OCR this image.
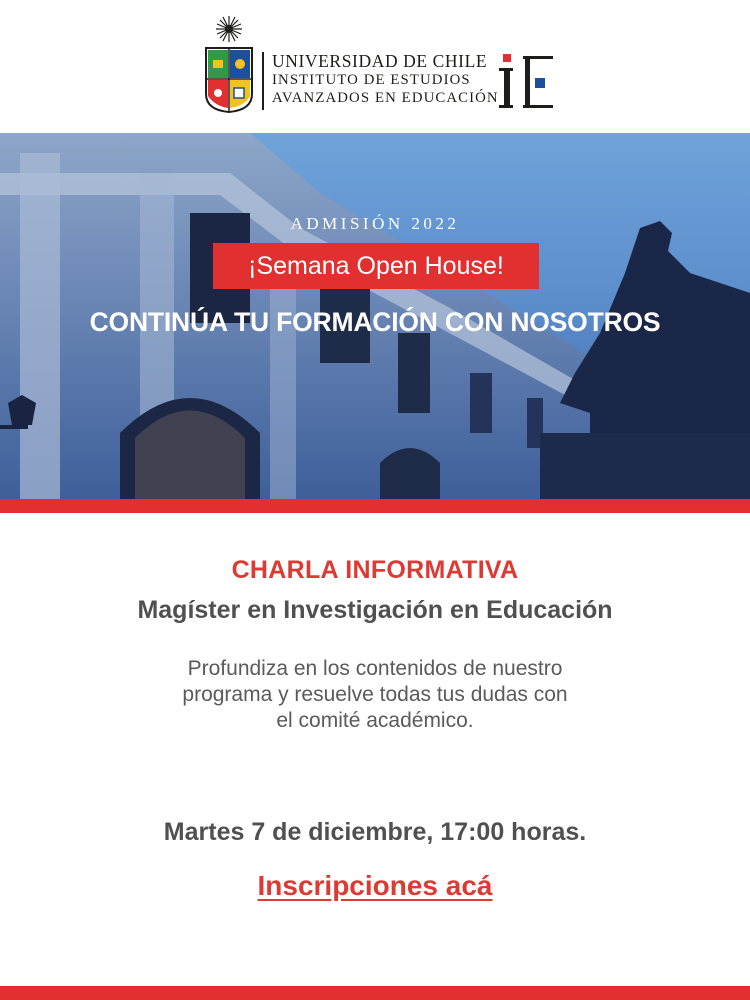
UNIVERSIDAD DE CHILE
INSTITUTO DE ESTUDIOS
AVANZADOS EN EDUCACIÓN
ADMISIÓN 2022
¡Semana Open House!
CONTINÚA TU FORMACIÓN CON NOSOTROS
CHARLA INFORMATIVA
Magíster en Investigación en Educación
Profundiza en los contenidos de nuestro
programa y resuelve todas tus dudas con
el comité académico.
Martes 7 de diciembre, 17:00 horas.
Inscripciones acá
